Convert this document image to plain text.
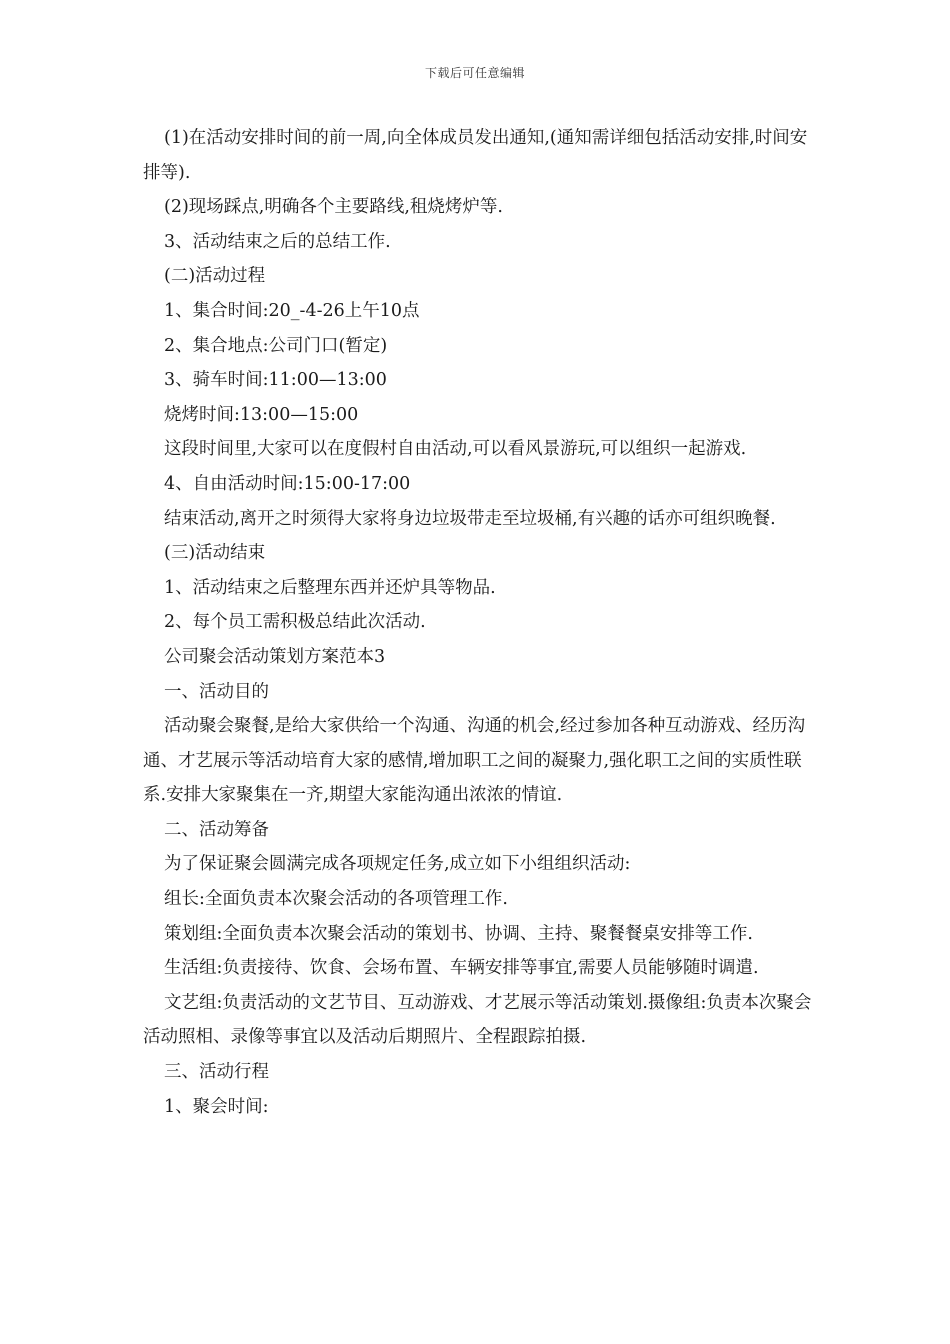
下载后可任意编辑

(1)在活动安排时间的前一周,向全体成员发出通知,(通知需详细包括活动安排,时间安排等).

(2)现场踩点,明确各个主要路线,租烧烤炉等.

3、活动结束之后的总结工作.

(二)活动过程

1、集合时间:20_-4-26上午10点

2、集合地点:公司门口(暂定)

3、骑车时间:11:00—13:00

烧烤时间:13:00—15:00

这段时间里,大家可以在度假村自由活动,可以看风景游玩,可以组织一起游戏.

4、自由活动时间:15:00-17:00

结束活动,离开之时须得大家将身边垃圾带走至垃圾桶,有兴趣的话亦可组织晚餐.

(三)活动结束

1、活动结束之后整理东西并还炉具等物品.

2、每个员工需积极总结此次活动.

公司聚会活动策划方案范本3

一、活动目的

活动聚会聚餐,是给大家供给一个沟通、沟通的机会,经过参加各种互动游戏、经历沟通、才艺展示等活动培育大家的感情,增加职工之间的凝聚力,强化职工之间的实质性联系.安排大家聚集在一齐,期望大家能沟通出浓浓的情谊.

二、活动筹备

为了保证聚会圆满完成各项规定任务,成立如下小组组织活动:

组长:全面负责本次聚会活动的各项管理工作.

策划组:全面负责本次聚会活动的策划书、协调、主持、聚餐餐桌安排等工作.

生活组:负责接待、饮食、会场布置、车辆安排等事宜,需要人员能够随时调遣.

文艺组:负责活动的文艺节目、互动游戏、才艺展示等活动策划.摄像组:负责本次聚会活动照相、录像等事宜以及活动后期照片、全程跟踪拍摄.

三、活动行程

1、聚会时间:
